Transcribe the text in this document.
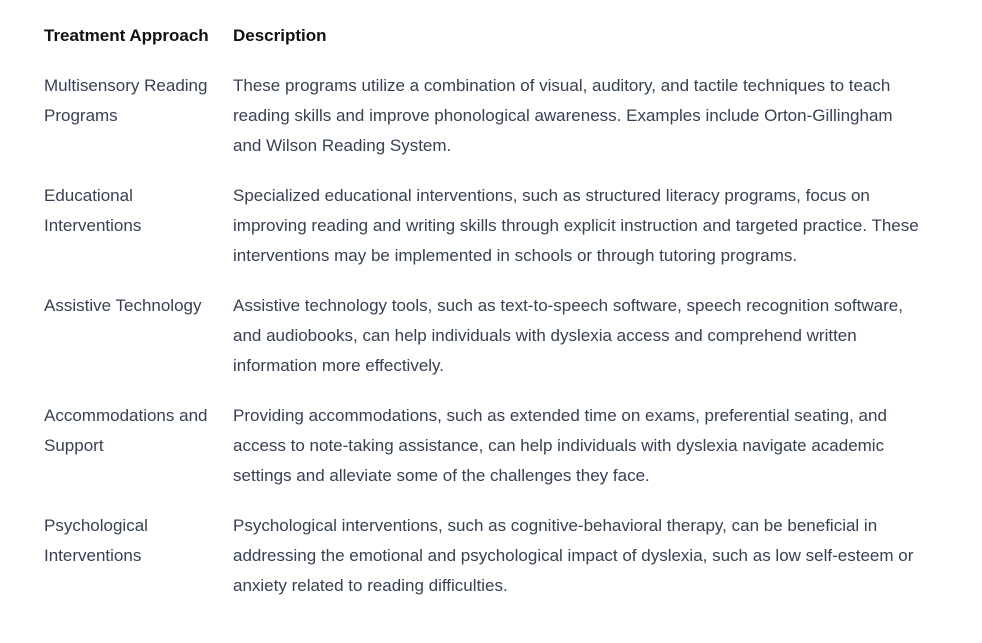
Treatment Approach	Description
Multisensory Reading Programs	These programs utilize a combination of visual, auditory, and tactile techniques to teach reading skills and improve phonological awareness. Examples include Orton-Gillingham and Wilson Reading System.
Educational Interventions	Specialized educational interventions, such as structured literacy programs, focus on improving reading and writing skills through explicit instruction and targeted practice. These interventions may be implemented in schools or through tutoring programs.
Assistive Technology	Assistive technology tools, such as text-to-speech software, speech recognition software, and audiobooks, can help individuals with dyslexia access and comprehend written information more effectively.
Accommodations and Support	Providing accommodations, such as extended time on exams, preferential seating, and access to note-taking assistance, can help individuals with dyslexia navigate academic settings and alleviate some of the challenges they face.
Psychological Interventions	Psychological interventions, such as cognitive-behavioral therapy, can be beneficial in addressing the emotional and psychological impact of dyslexia, such as low self-esteem or anxiety related to reading difficulties.
